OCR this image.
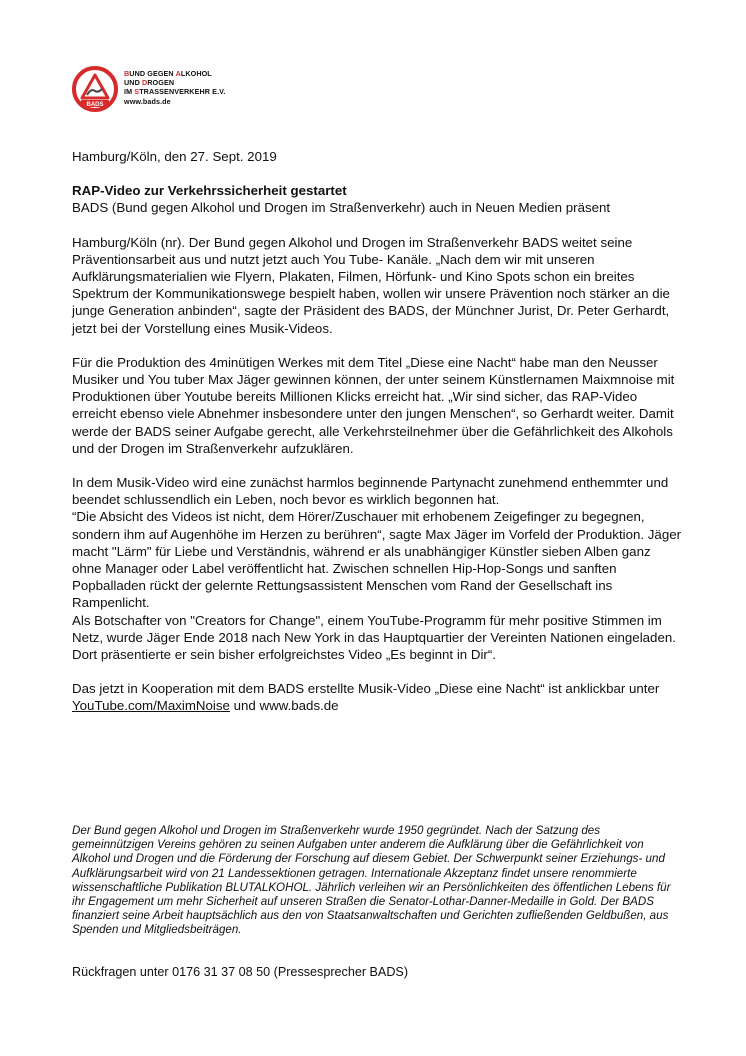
BADS
BUND GEGEN ALKOHOL
UND DROGEN
IM STRASSENVERKEHR E.V.
www.bads.de

Hamburg/Köln, den 27. Sept. 2019

RAP-Video zur Verkehrssicherheit gestartet

BADS (Bund gegen Alkohol und Drogen im Straßenverkehr) auch in Neuen Medien präsent

Hamburg/Köln (nr). Der Bund gegen Alkohol und Drogen im Straßenverkehr BADS weitet seine Präventionsarbeit aus und nutzt jetzt auch You Tube- Kanäle. „Nach dem wir mit unseren Aufklärungsmaterialien wie Flyern, Plakaten, Filmen, Hörfunk- und Kino Spots schon ein breites Spektrum der Kommunikationswege bespielt haben, wollen wir unsere Prävention noch stärker an die junge Generation anbinden“, sagte der Präsident des BADS, der Münchner Jurist, Dr. Peter Gerhardt, jetzt bei der Vorstellung eines Musik-Videos.

Für die Produktion des 4minütigen Werkes mit dem Titel „Diese eine Nacht“ habe man den Neusser Musiker und You tuber Max Jäger gewinnen können, der unter seinem Künstlernamen Maixmnoise mit Produktionen über Youtube bereits Millionen Klicks erreicht hat. „Wir sind sicher, das RAP-Video erreicht ebenso viele Abnehmer insbesondere unter den jungen Menschen“, so Gerhardt weiter. Damit werde der BADS seiner Aufgabe gerecht, alle Verkehrsteilnehmer über die Gefährlichkeit des Alkohols und der Drogen im Straßenverkehr aufzuklären.

In dem Musik-Video wird eine zunächst harmlos beginnende Partynacht zunehmend enthemmter und beendet schlussendlich ein Leben, noch bevor es wirklich begonnen hat.

“Die Absicht des Videos ist nicht, dem Hörer/Zuschauer mit erhobenem Zeigefinger zu begegnen, sondern ihm auf Augenhöhe im Herzen zu berühren“, sagte Max Jäger im Vorfeld der Produktion. Jäger macht "Lärm" für Liebe und Verständnis, während er als unabhängiger Künstler sieben Alben ganz ohne Manager oder Label veröffentlicht hat. Zwischen schnellen Hip-Hop-Songs und sanften Popballaden rückt der gelernte Rettungsassistent Menschen vom Rand der Gesellschaft ins Rampenlicht.

Als Botschafter von "Creators for Change", einem YouTube-Programm für mehr positive Stimmen im Netz, wurde Jäger Ende 2018 nach New York in das Hauptquartier der Vereinten Nationen eingeladen. Dort präsentierte er sein bisher erfolgreichstes Video „Es beginnt in Dir“.

Das jetzt in Kooperation mit dem BADS erstellte Musik-Video „Diese eine Nacht“ ist anklickbar unter YouTube.com/MaximNoise und www.bads.de

Der Bund gegen Alkohol und Drogen im Straßenverkehr wurde 1950 gegründet. Nach der Satzung des gemeinnützigen Vereins gehören zu seinen Aufgaben unter anderem die Aufklärung über die Gefährlichkeit von Alkohol und Drogen und die Förderung der Forschung auf diesem Gebiet. Der Schwerpunkt seiner Erziehungs- und Aufklärungsarbeit wird von 21 Landessektionen getragen. Internationale Akzeptanz findet unsere renommierte wissenschaftliche Publikation BLUTALKOHOL. Jährlich verleihen wir an Persönlichkeiten des öffentlichen Lebens für ihr Engagement um mehr Sicherheit auf unseren Straßen die Senator-Lothar-Danner-Medaille in Gold. Der BADS finanziert seine Arbeit hauptsächlich aus den von Staatsanwaltschaften und Gerichten zufließenden Geldbußen, aus Spenden und Mitgliedsbeiträgen.
Rückfragen unter 0176 31 37 08 50 (Pressesprecher BADS)
